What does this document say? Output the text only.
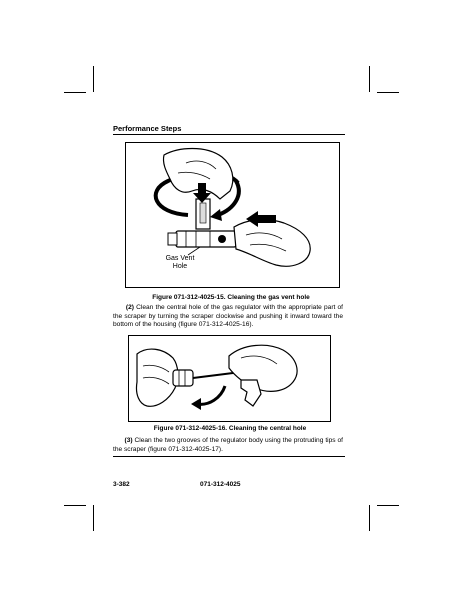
Performance Steps
Gas Vent
Hole
Figure 071-312-4025-15. Cleaning the gas vent hole
(2) Clean the central hole of the gas regulator with the appropriate part of the scraper by turning the scraper clockwise and pushing it inward toward the bottom of the housing (figure 071-312-4025-16).
Figure 071-312-4025-16. Cleaning the central hole
(3) Clean the two grooves of the regulator body using the protruding tips of the scraper (figure 071-312-4025-17).
3-382	071-312-4025
